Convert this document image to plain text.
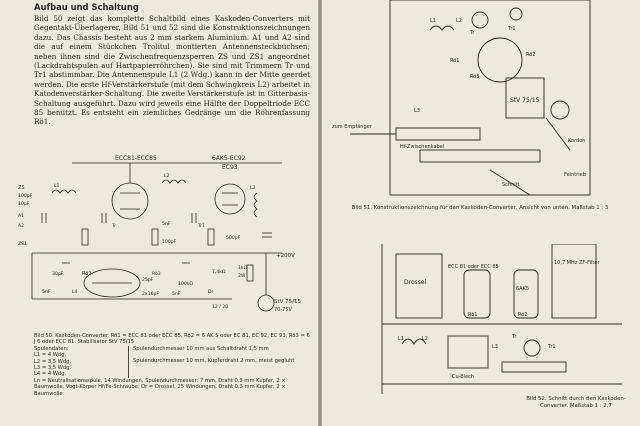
Aufbau und Schaltung

Bild 50 zeigt das komplette Schaltbild eines Kaskoden-Converters mit Gegentakt-Überlagerer, Bild 51 und 52 sind die Konstruktionszeichnungen dazu. Das Chassis besteht aus 2 mm starkem Aluminium. A1 und A2 sind die auf einem Stückchen Trolitul montierten Antennensteckbuchsen; neben ihnen sind die Zwischenfrequenzsperren ZS und ZS1 angeordnet (Lackdrahtspulen auf Hartpapierröhrchen). Sie sind mit Trimmern Tr und Tr1 abstimmbar. Die Antennenspule L1 (2 Wdg.) kann in der Mitte geerdet werden. Die erste Hf-Verstärkerstufe (mit dem Schwingkreis L2) arbeitet in Katodenverstärker-Schaltung. Die zweite Verstärkerstufe ist in Gitterbasis-Schaltung ausgeführt. Dazu wird jeweils eine Hälfte der Doppeltriode ECC 85 benützt. Es entsteht ein ziemliches Gedränge um die Röhrenfassung Rö1.

ECC81-ECC85	6AK5-EC92
EC93
StV 75/15
70-75V
+200V
Rö2
ZS
100pF
10pF
A1
A2
ZS1
Tr	Tr1
L1
L2
L3
L4
30pF
5nF
100pF
500pF
1kΩ
2W
Dr
Rö3	7,4kΩ
5nF	2x16pF	5nF
100kΩ
25pF
12 / 20

Bild 50. Kaskoden-Converter. Rö1 = ECC 81 oder ECC 85, Rö2 = 6 AK 5 oder EC 81, EC 92, EC 93, Rö3 = 6 J 6 oder ECC 81. Stabilisator StV 75/15

Spulendaten:
L1 = 4 Wdg.
L2 = 3,5 Wdg.
L3 = 3,5 Wdg.
L4 = 4 Wdg.
Spulendurchmesser 10 mm aus Schaltdraht 1,5 mm
Spulendurchmesser 10 mm, Kupferdraht 2 mm, meist gegluht

Ln = Neutralisationsspule, 14 Windungen, Spulendurchmesser: 7 mm, Draht 0,3 mm Kupfer, 2 × Baumwolle, Vogt-Körper Hf/Fe-Schraube. Dr = Drossel, 25 Windungen, Draht 0,3 mm Kupfer, 2 × Baumwolle

StV 75/15
Tr
Tr1
Rö1
Rö2
Rö3
L1	L2
L3
Kordon
Feintrieb
Schnitt
Hf-Zwischenkabel
zum Empfänger
Bild 51. Konstruktionszeichnung für den Kaskoden-Converter, Ansicht von unten. Maßstab 1 : 3
Drossel
ECC 81 oder ECC 85
6AK5
10,7 MHz ZF-Filter
Rö1	Rö2
L1	L2
L3
Cu-Blech
Tr
Tr1
Bild 52. Schnitt durch den Kaskoden-Converter. Maßstab 1 : 2,7
